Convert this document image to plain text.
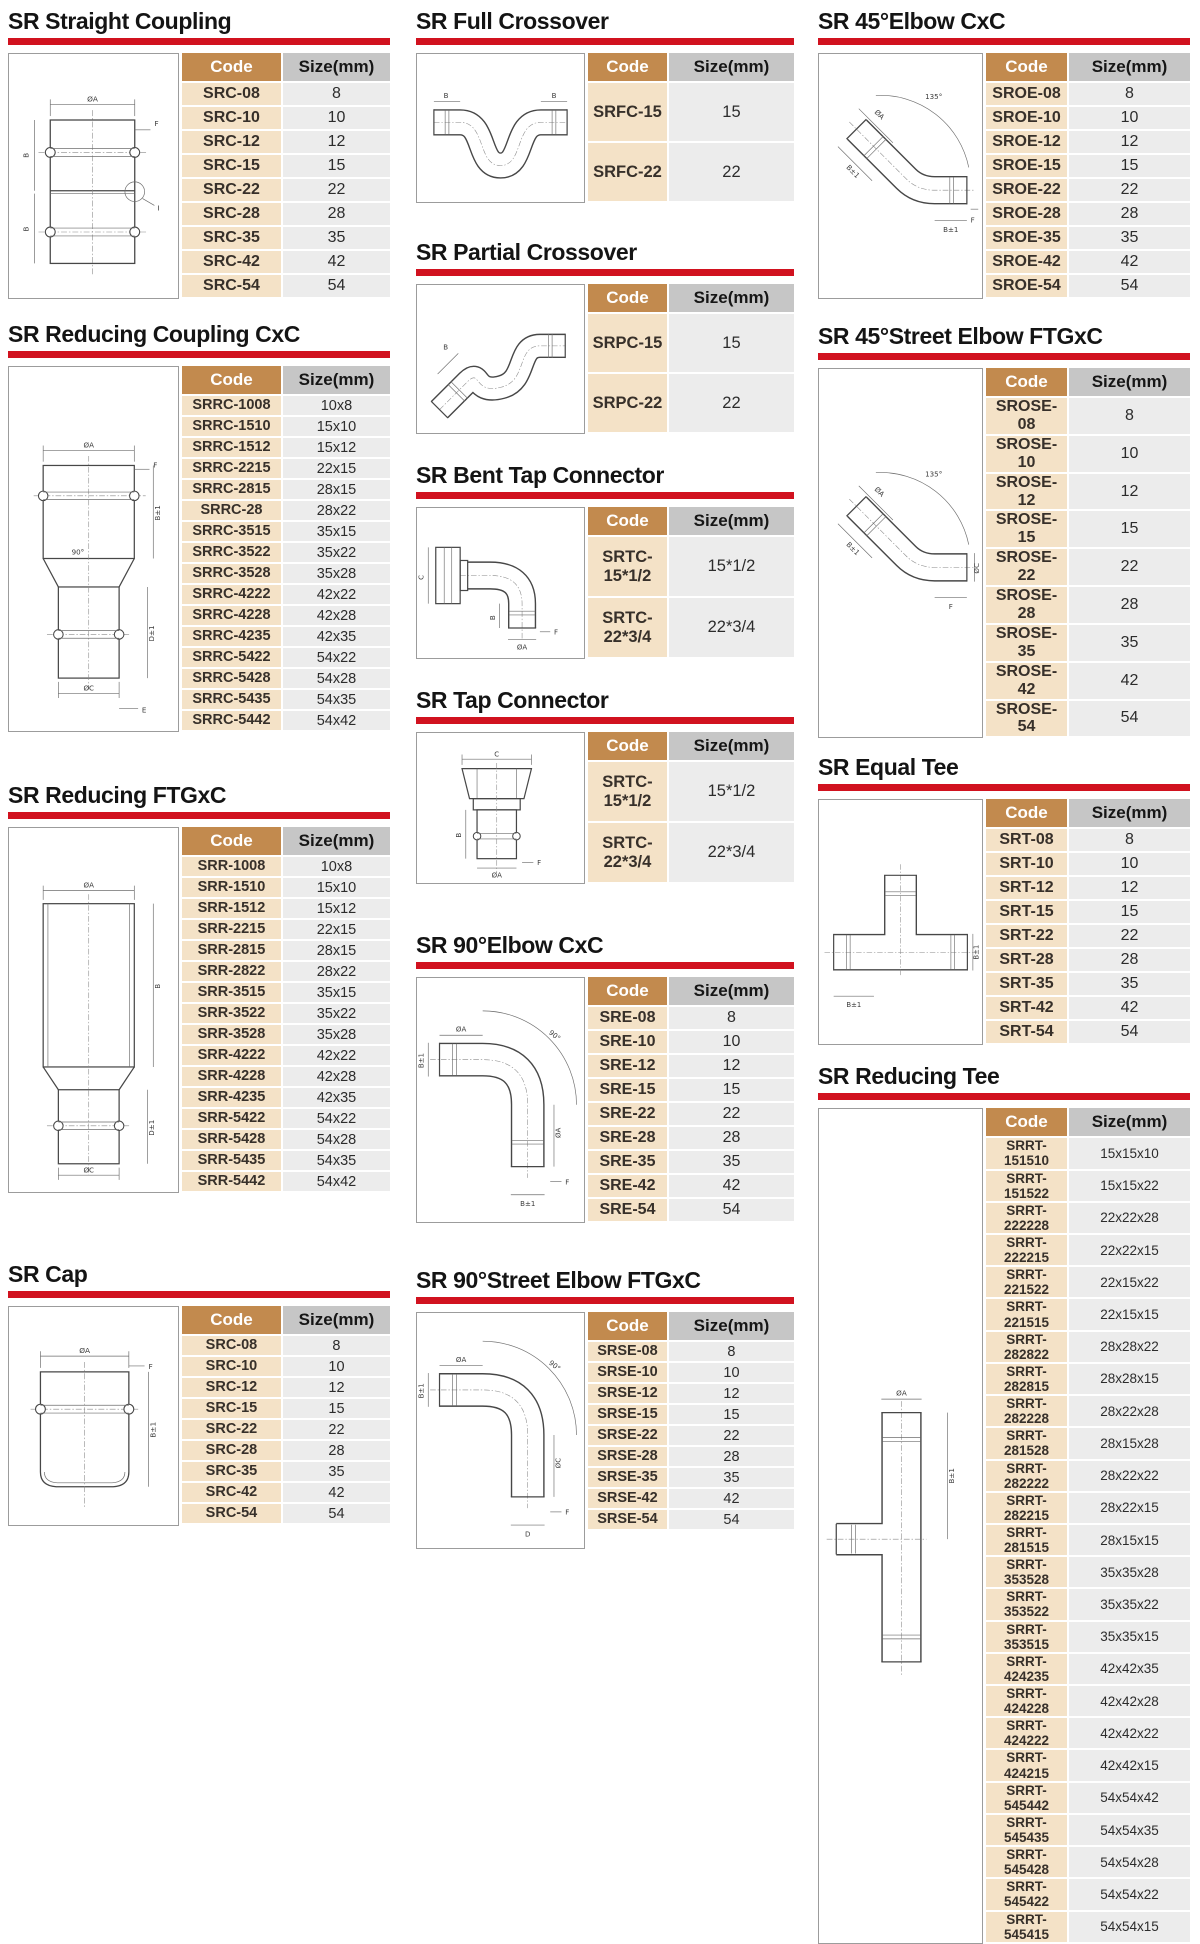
SR Straight Coupling
ØA
F
B
B
I
Code	Size(mm)
SRC-08	8
SRC-10	10
SRC-12	12
SRC-15	15
SRC-22	22
SRC-28	28
SRC-35	35
SRC-42	42
SRC-54	54
SR Reducing Coupling CxC
ØA
F
B±1
90°
D±1
ØC
E
Code	Size(mm)
SRRC-1008	10x8
SRRC-1510	15x10
SRRC-1512	15x12
SRRC-2215	22x15
SRRC-2815	28x15
SRRC-28	28x22
SRRC-3515	35x15
SRRC-3522	35x22
SRRC-3528	35x28
SRRC-4222	42x22
SRRC-4228	42x28
SRRC-4235	42x35
SRRC-5422	54x22
SRRC-5428	54x28
SRRC-5435	54x35
SRRC-5442	54x42
SR Reducing FTGxC
ØA
B
D±1
ØC
Code	Size(mm)
SRR-1008	10x8
SRR-1510	15x10
SRR-1512	15x12
SRR-2215	22x15
SRR-2815	28x15
SRR-2822	28x22
SRR-3515	35x15
SRR-3522	35x22
SRR-3528	35x28
SRR-4222	42x22
SRR-4228	42x28
SRR-4235	42x35
SRR-5422	54x22
SRR-5428	54x28
SRR-5435	54x35
SRR-5442	54x42
SR Cap
ØA
F
B±1
Code	Size(mm)
SRC-08	8
SRC-10	10
SRC-12	12
SRC-15	15
SRC-22	22
SRC-28	28
SRC-35	35
SRC-42	42
SRC-54	54
SR Full Crossover
B	B
Code	Size(mm)
SRFC-15	15
SRFC-22	22
SR Partial Crossover
B
Code	Size(mm)
SRPC-15	15
SRPC-22	22
SR Bent Tap Connector
C
B
ØA
F
Code	Size(mm)
SRTC-15*1/2	15*1/2
SRTC-22*3/4	22*3/4
SR Tap Connector
C
B
ØA
F
Code	Size(mm)
SRTC-15*1/2	15*1/2
SRTC-22*3/4	22*3/4
SR 90°Elbow CxC
90°
ØA
B±1
ØA
B±1
F
Code	Size(mm)
SRE-08	8
SRE-10	10
SRE-12	12
SRE-15	15
SRE-22	22
SRE-28	28
SRE-35	35
SRE-42	42
SRE-54	54
SR 90°Street Elbow FTGxC
90°
ØA
B±1
ØC
D
F
Code	Size(mm)
SRSE-08	8
SRSE-10	10
SRSE-12	12
SRSE-15	15
SRSE-22	22
SRSE-28	28
SRSE-35	35
SRSE-42	42
SRSE-54	54
SR 45°Elbow CxC
135°
ØA
B±1
B±1
F
Code	Size(mm)
SROE-08	8
SROE-10	10
SROE-12	12
SROE-15	15
SROE-22	22
SROE-28	28
SROE-35	35
SROE-42	42
SROE-54	54
SR 45°Street Elbow FTGxC
135°
ØA
B±1
ØC
F
Code	Size(mm)
SROSE-08	8
SROSE-10	10
SROSE-12	12
SROSE-15	15
SROSE-22	22
SROSE-28	28
SROSE-35	35
SROSE-42	42
SROSE-54	54
SR Equal Tee
B±1
B±1
Code	Size(mm)
SRT-08	8
SRT-10	10
SRT-12	12
SRT-15	15
SRT-22	22
SRT-28	28
SRT-35	35
SRT-42	42
SRT-54	54
SR Reducing Tee
ØA
B±1
Code	Size(mm)
SRRT-151510	15x15x10
SRRT-151522	15x15x22
SRRT-222228	22x22x28
SRRT-222215	22x22x15
SRRT-221522	22x15x22
SRRT-221515	22x15x15
SRRT-282822	28x28x22
SRRT-282815	28x28x15
SRRT-282228	28x22x28
SRRT-281528	28x15x28
SRRT-282222	28x22x22
SRRT-282215	28x22x15
SRRT-281515	28x15x15
SRRT-353528	35x35x28
SRRT-353522	35x35x22
SRRT-353515	35x35x15
SRRT-424235	42x42x35
SRRT-424228	42x42x28
SRRT-424222	42x42x22
SRRT-424215	42x42x15
SRRT-545442	54x54x42
SRRT-545435	54x54x35
SRRT-545428	54x54x28
SRRT-545422	54x54x22
SRRT-545415	54x54x15
